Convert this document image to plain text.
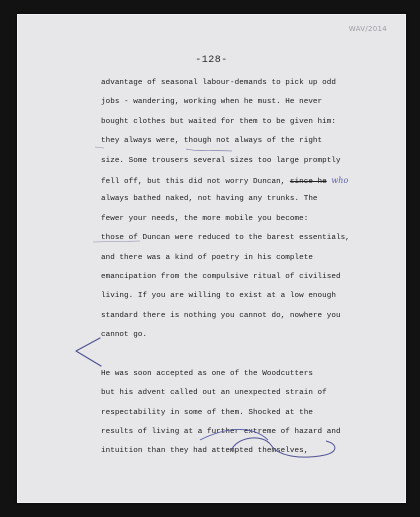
WAV/2014
-128-
advantage of seasonal labour-demands to pick up odd
jobs - wandering, working when he must. He never
bought clothes but waited for them to be given him:
they always were, though not always of the right
size. Some trousers several sizes too large promptly
fell off, but this did not worry Duncan, since he who
always bathed naked, not having any trunks. The
fewer your needs, the more mobile you become:
those of Duncan were reduced to the barest essentials,
and there was a kind of poetry in his complete
emancipation from the compulsive ritual of civilised
living. If you are willing to exist at a low enough
standard there is nothing you cannot do, nowhere you
cannot go.
He was soon accepted as one of the Woodcutters
but his advent called out an unexpected strain of
respectability in some of them. Shocked at the
results of living at a further extreme of hazard and
intuition than they had attempted themselves,
